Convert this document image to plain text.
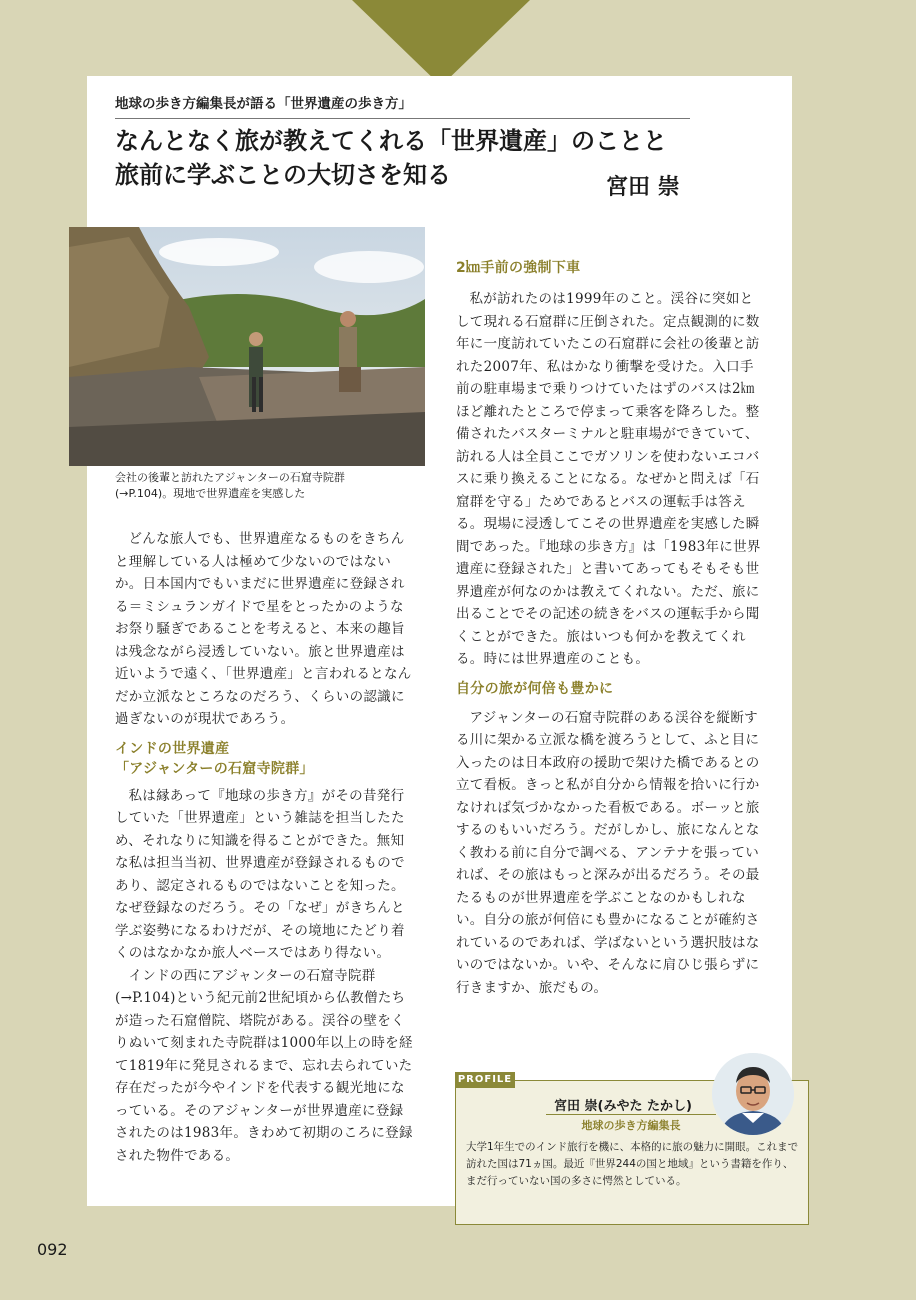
地球の歩き方編集長が語る「世界遺産の歩き方」
なんとなく旅が教えてくれる「世界遺産」のことと
旅前に学ぶことの大切さを知る	宮田 崇
会社の後輩と訪れたアジャンターの石窟寺院群
(→P.104)。現地で世界遺産を実感した

どんな旅人でも、世界遺産なるものをきちんと理解している人は極めて少ないのではないか。日本国内でもいまだに世界遺産に登録される＝ミシュランガイドで星をとったかのようなお祭り騒ぎであることを考えると、本来の趣旨は残念ながら浸透していない。旅と世界遺産は近いようで遠く、「世界遺産」と言われるとなんだか立派なところなのだろう、くらいの認識に過ぎないのが現状であろう。

インドの世界遺産
「アジャンターの石窟寺院群」

私は縁あって『地球の歩き方』がその昔発行していた「世界遺産」という雑誌を担当したため、それなりに知識を得ることができた。無知な私は担当当初、世界遺産が登録されるものであり、認定されるものではないことを知った。なぜ登録なのだろう。その「なぜ」がきちんと学ぶ姿勢になるわけだが、その境地にたどり着くのはなかなか旅人ベースではあり得ない。

インドの西にアジャンターの石窟寺院群(→P.104)という紀元前2世紀頃から仏教僧たちが造った石窟僧院、塔院がある。渓谷の壁をくりぬいて刻まれた寺院群は1000年以上の時を経て1819年に発見されるまで、忘れ去られていた存在だったが今やインドを代表する観光地になっている。そのアジャンターが世界遺産に登録されたのは1983年。きわめて初期のころに登録された物件である。

2㎞手前の強制下車

私が訪れたのは1999年のこと。渓谷に突如として現れる石窟群に圧倒された。定点観測的に数年に一度訪れていたこの石窟群に会社の後輩と訪れた2007年、私はかなり衝撃を受けた。入口手前の駐車場まで乗りつけていたはずのバスは2㎞ほど離れたところで停まって乗客を降ろした。整備されたバスターミナルと駐車場ができていて、訪れる人は全員ここでガソリンを使わないエコバスに乗り換えることになる。なぜかと問えば「石窟群を守る」ためであるとバスの運転手は答える。現場に浸透してこその世界遺産を実感した瞬間であった。『地球の歩き方』は「1983年に世界遺産に登録された」と書いてあってもそもそも世界遺産が何なのかは教えてくれない。ただ、旅に出ることでその記述の続きをバスの運転手から聞くことができた。旅はいつも何かを教えてくれる。時には世界遺産のことも。

自分の旅が何倍も豊かに

アジャンターの石窟寺院群のある渓谷を縦断する川に架かる立派な橋を渡ろうとして、ふと目に入ったのは日本政府の援助で架けた橋であるとの立て看板。きっと私が自分から情報を拾いに行かなければ気づかなかった看板である。ボーッと旅するのもいいだろう。だがしかし、旅になんとなく教わる前に自分で調べる、アンテナを張っていれば、その旅はもっと深みが出るだろう。その最たるものが世界遺産を学ぶことなのかもしれない。自分の旅が何倍にも豊かになることが確約されているのであれば、学ばないという選択肢はないのではないか。いや、そんなに肩ひじ張らずに行きますか、旅だもの。

PROFILE
宮田 崇(みやた たかし)
地球の歩き方編集長
大学1年生でのインド旅行を機に、本格的に旅の魅力に開眼。これまで訪れた国は71ヵ国。最近『世界244の国と地域』という書籍を作り、まだ行っていない国の多さに愕然としている。
092
